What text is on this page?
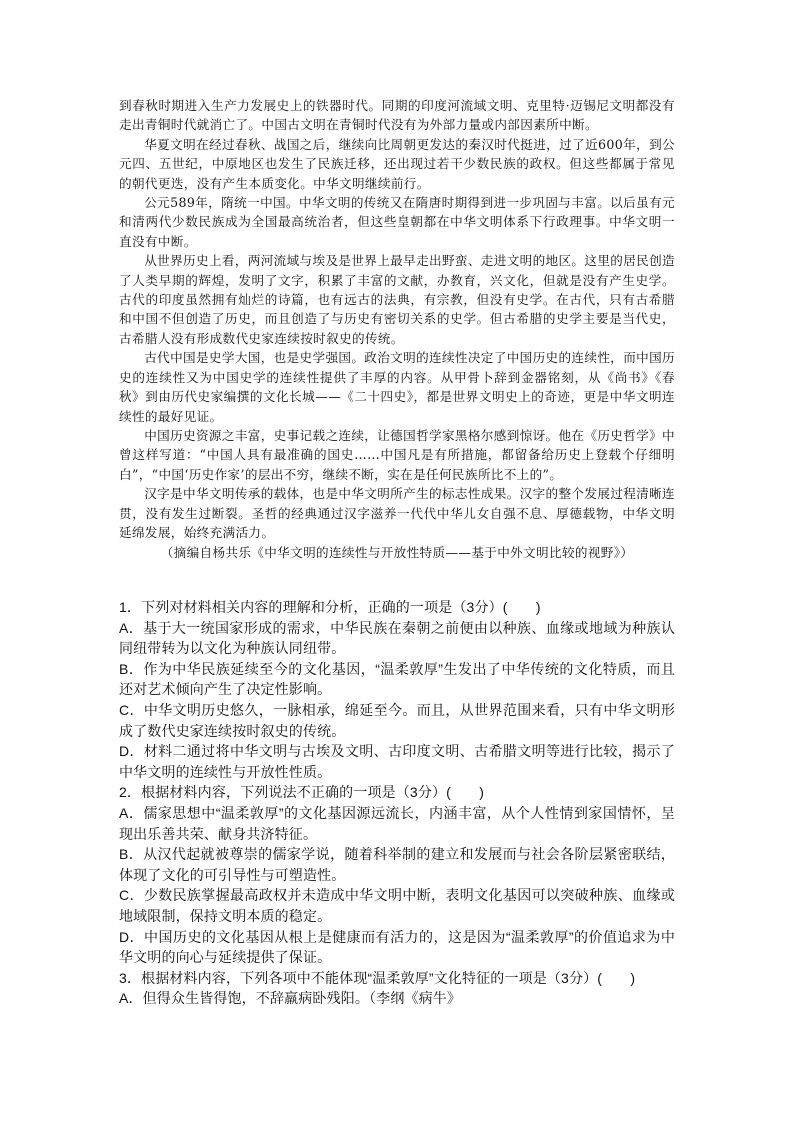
到春秋时期进入生产力发展史上的铁器时代。同期的印度河流域文明、克里特·迈锡尼文明都没有走出青铜时代就消亡了。中国古文明在青铜时代没有为外部力量或内部因素所中断。

华夏文明在经过春秋、战国之后，继续向比周朝更发达的秦汉时代挺进，过了近600年，到公元四、五世纪，中原地区也发生了民族迁移，还出现过若干少数民族的政权。但这些都属于常见的朝代更迭，没有产生本质变化。中华文明继续前行。

公元589年，隋统一中国。中华文明的传统又在隋唐时期得到进一步巩固与丰富。以后虽有元和清两代少数民族成为全国最高统治者，但这些皇朝都在中华文明体系下行政理事。中华文明一直没有中断。

从世界历史上看，两河流域与埃及是世界上最早走出野蛮、走进文明的地区。这里的居民创造了人类早期的辉煌，发明了文字，积累了丰富的文献，办教育，兴文化，但就是没有产生史学。古代的印度虽然拥有灿烂的诗篇，也有远古的法典，有宗教，但没有史学。在古代，只有古希腊和中国不但创造了历史，而且创造了与历史有密切关系的史学。但古希腊的史学主要是当代史，古希腊人没有形成数代史家连续按时叙史的传统。

古代中国是史学大国，也是史学强国。政治文明的连续性决定了中国历史的连续性，而中国历史的连续性又为中国史学的连续性提供了丰厚的内容。从甲骨卜辞到金器铭刻，从《尚书》《春秋》到由历代史家编撰的文化长城——《二十四史》，都是世界文明史上的奇迹，更是中华文明连续性的最好见证。

中国历史资源之丰富，史事记载之连续，让德国哲学家黑格尔感到惊讶。他在《历史哲学》中曾这样写道：“中国人具有最准确的国史……中国凡是有所措施，都留备给历史上登载个仔细明白”，“中国‘历史作家’的层出不穷，继续不断，实在是任何民族所比不上的”。

汉字是中华文明传承的载体，也是中华文明所产生的标志性成果。汉字的整个发展过程清晰连贯，没有发生过断裂。圣哲的经典通过汉字滋养一代代中华儿女自强不息、厚德载物，中华文明延绵发展，始终充满活力。

（摘编自杨共乐《中华文明的连续性与开放性特质——基于中外文明比较的视野》）

1．下列对材料相关内容的理解和分析，正确的一项是（3分）(　　)

A．基于大一统国家形成的需求，中华民族在秦朝之前便由以种族、血缘或地域为种族认同纽带转为以文化为种族认同纽带。

B．作为中华民族延续至今的文化基因，“温柔敦厚”生发出了中华传统的文化特质，而且还对艺术倾向产生了决定性影响。

C．中华文明历史悠久，一脉相承，绵延至今。而且，从世界范围来看，只有中华文明形成了数代史家连续按时叙史的传统。

D．材料二通过将中华文明与古埃及文明、古印度文明、古希腊文明等进行比较，揭示了中华文明的连续性与开放性性质。

2．根据材料内容，下列说法不正确的一项是（3分）(　　)

A．儒家思想中“温柔敦厚”的文化基因源远流长，内涵丰富，从个人性情到家国情怀，呈现出乐善共荣、献身共济特征。

B．从汉代起就被尊崇的儒家学说，随着科举制的建立和发展而与社会各阶层紧密联结，体现了文化的可引导性与可塑造性。

C．少数民族掌握最高政权并未造成中华文明中断，表明文化基因可以突破种族、血缘或地域限制，保持文明本质的稳定。

D．中国历史的文化基因从根上是健康而有活力的，这是因为“温柔敦厚”的价值追求为中华文明的向心与延续提供了保证。

3．根据材料内容，下列各项中不能体现“温柔敦厚”文化特征的一项是（3分）(　　)

A．但得众生皆得饱，不辞羸病卧残阳。（李纲《病牛》
